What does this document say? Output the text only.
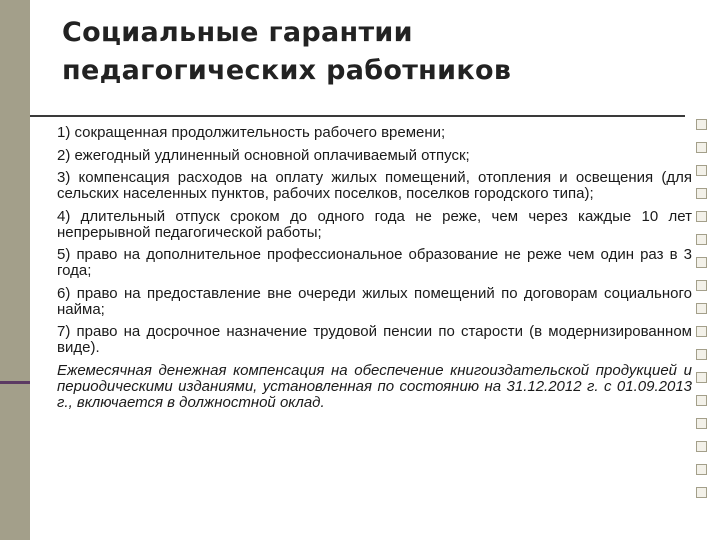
Социальные гарантии
педагогических работников

1) сокращенная продолжительность рабочего времени;

2) ежегодный удлиненный основной оплачиваемый отпуск;

3) компенсация расходов на оплату жилых помещений, отопления и освещения (для сельских населенных пунктов, рабочих поселков, поселков городского типа);

4) длительный отпуск сроком до одного года не реже, чем через каждые 10 лет непрерывной педагогической работы;

5) право на дополнительное профессиональное образование не реже чем один раз в 3 года;

6) право на предоставление вне очереди жилых помещений по договорам социального найма;

7) право на досрочное назначение трудовой пенсии по старости (в модернизированном виде).

Ежемесячная денежная компенсация на обеспечение книгоиздательской продукцией и периодическими изданиями, установленная по состоянию на 31.12.2012 г. с 01.09.2013 г., включается в должностной оклад.
